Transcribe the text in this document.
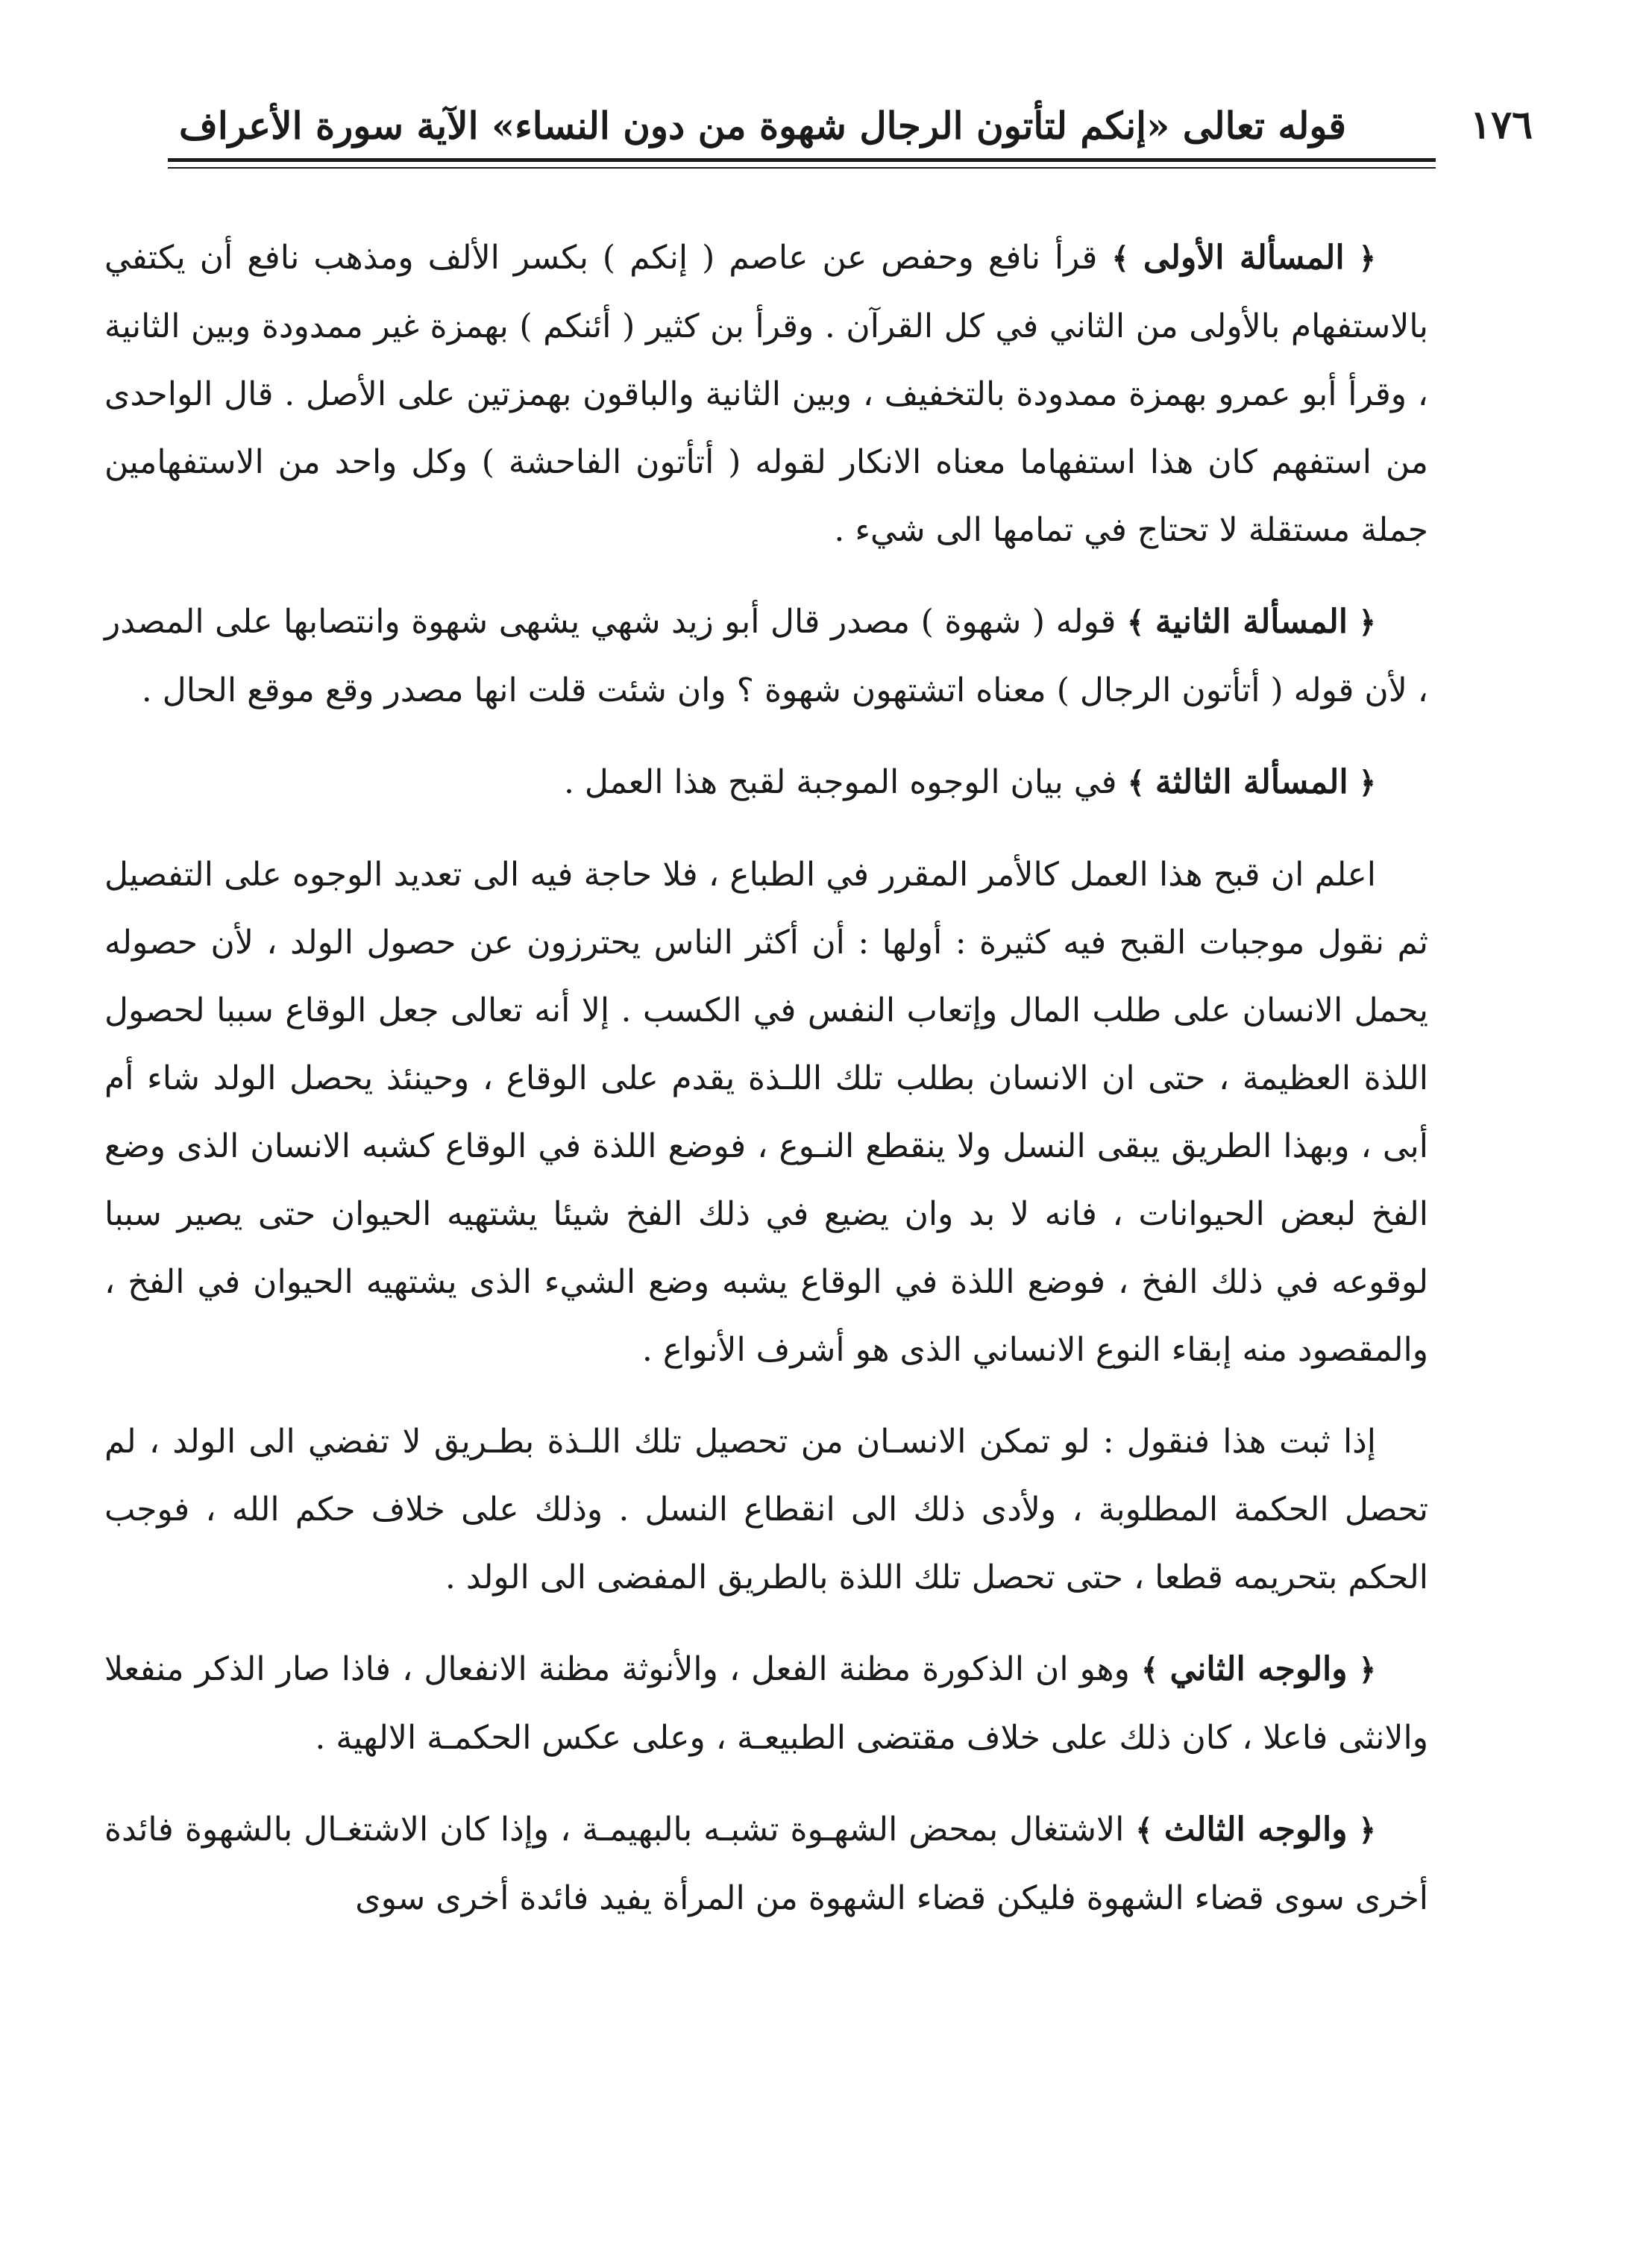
١٧٦
قوله تعالى «إنكم لتأتون الرجال شهوة من دون النساء» الآية سورة الأعراف

﴿ المسألة الأولى ﴾ قرأ نافع وحفص عن عاصم ( إنكم ) بكسر الألف ومذهب نافع أن يكتفي بالاستفهام بالأولى من الثاني في كل القرآن . وقرأ بن كثير ( أئنكم ) بهمزة غير ممدودة وبين الثانية ، وقرأ أبو عمرو بهمزة ممدودة بالتخفيف ، وبين الثانية والباقون بهمزتين على الأصل . قال الواحدى من استفهم كان هذا استفهاما معناه الانكار لقوله ( أتأتون الفاحشة ) وكل واحد من الاستفهامين جملة مستقلة لا تحتاج في تمامها الى شيء .

﴿ المسألة الثانية ﴾ قوله ( شهوة ) مصدر قال أبو زيد شهي يشهى شهوة وانتصابها على المصدر ، لأن قوله ( أتأتون الرجال ) معناه اتشتهون شهوة ؟ وان شئت قلت انها مصدر وقع موقع الحال .

﴿ المسألة الثالثة ﴾ في بيان الوجوه الموجبة لقبح هذا العمل .

اعلم ان قبح هذا العمل كالأمر المقرر في الطباع ، فلا حاجة فيه الى تعديد الوجوه على التفصيل ثم نقول موجبات القبح فيه كثيرة : أولها : أن أكثر الناس يحترزون عن حصول الولد ، لأن حصوله يحمل الانسان على طلب المال وإتعاب النفس في الكسب . إلا أنه تعالى جعل الوقاع سببا لحصول اللذة العظيمة ، حتى ان الانسان بطلب تلك اللـذة يقدم على الوقاع ، وحينئذ يحصل الولد شاء أم أبى ، وبهذا الطريق يبقى النسل ولا ينقطع النـوع ، فوضع اللذة في الوقاع كشبه الانسان الذى وضع الفخ لبعض الحيوانات ، فانه لا بد وان يضيع في ذلك الفخ شيئا يشتهيه الحيوان حتى يصير سببا لوقوعه في ذلك الفخ ، فوضع اللذة في الوقاع يشبه وضع الشيء الذى يشتهيه الحيوان في الفخ ، والمقصود منه إبقاء النوع الانساني الذى هو أشرف الأنواع .

إذا ثبت هذا فنقول : لو تمكن الانسـان من تحصيل تلك اللـذة بطـريق لا تفضي الى الولد ، لم تحصل الحكمة المطلوبة ، ولأدى ذلك الى انقطاع النسل . وذلك على خلاف حكم الله ، فوجب الحكم بتحريمه قطعا ، حتى تحصل تلك اللذة بالطريق المفضى الى الولد .

﴿ والوجه الثاني ﴾ وهو ان الذكورة مظنة الفعل ، والأنوثة مظنة الانفعال ، فاذا صار الذكر منفعلا والانثى فاعلا ، كان ذلك على خلاف مقتضى الطبيعـة ، وعلى عكس الحكمـة الالهية .

﴿ والوجه الثالث ﴾ الاشتغال بمحض الشهـوة تشبـه بالبهيمـة ، وإذا كان الاشتغـال بالشهوة فائدة أخرى سوى قضاء الشهوة فليكن قضاء الشهوة من المرأة يفيد فائدة أخرى سوى
